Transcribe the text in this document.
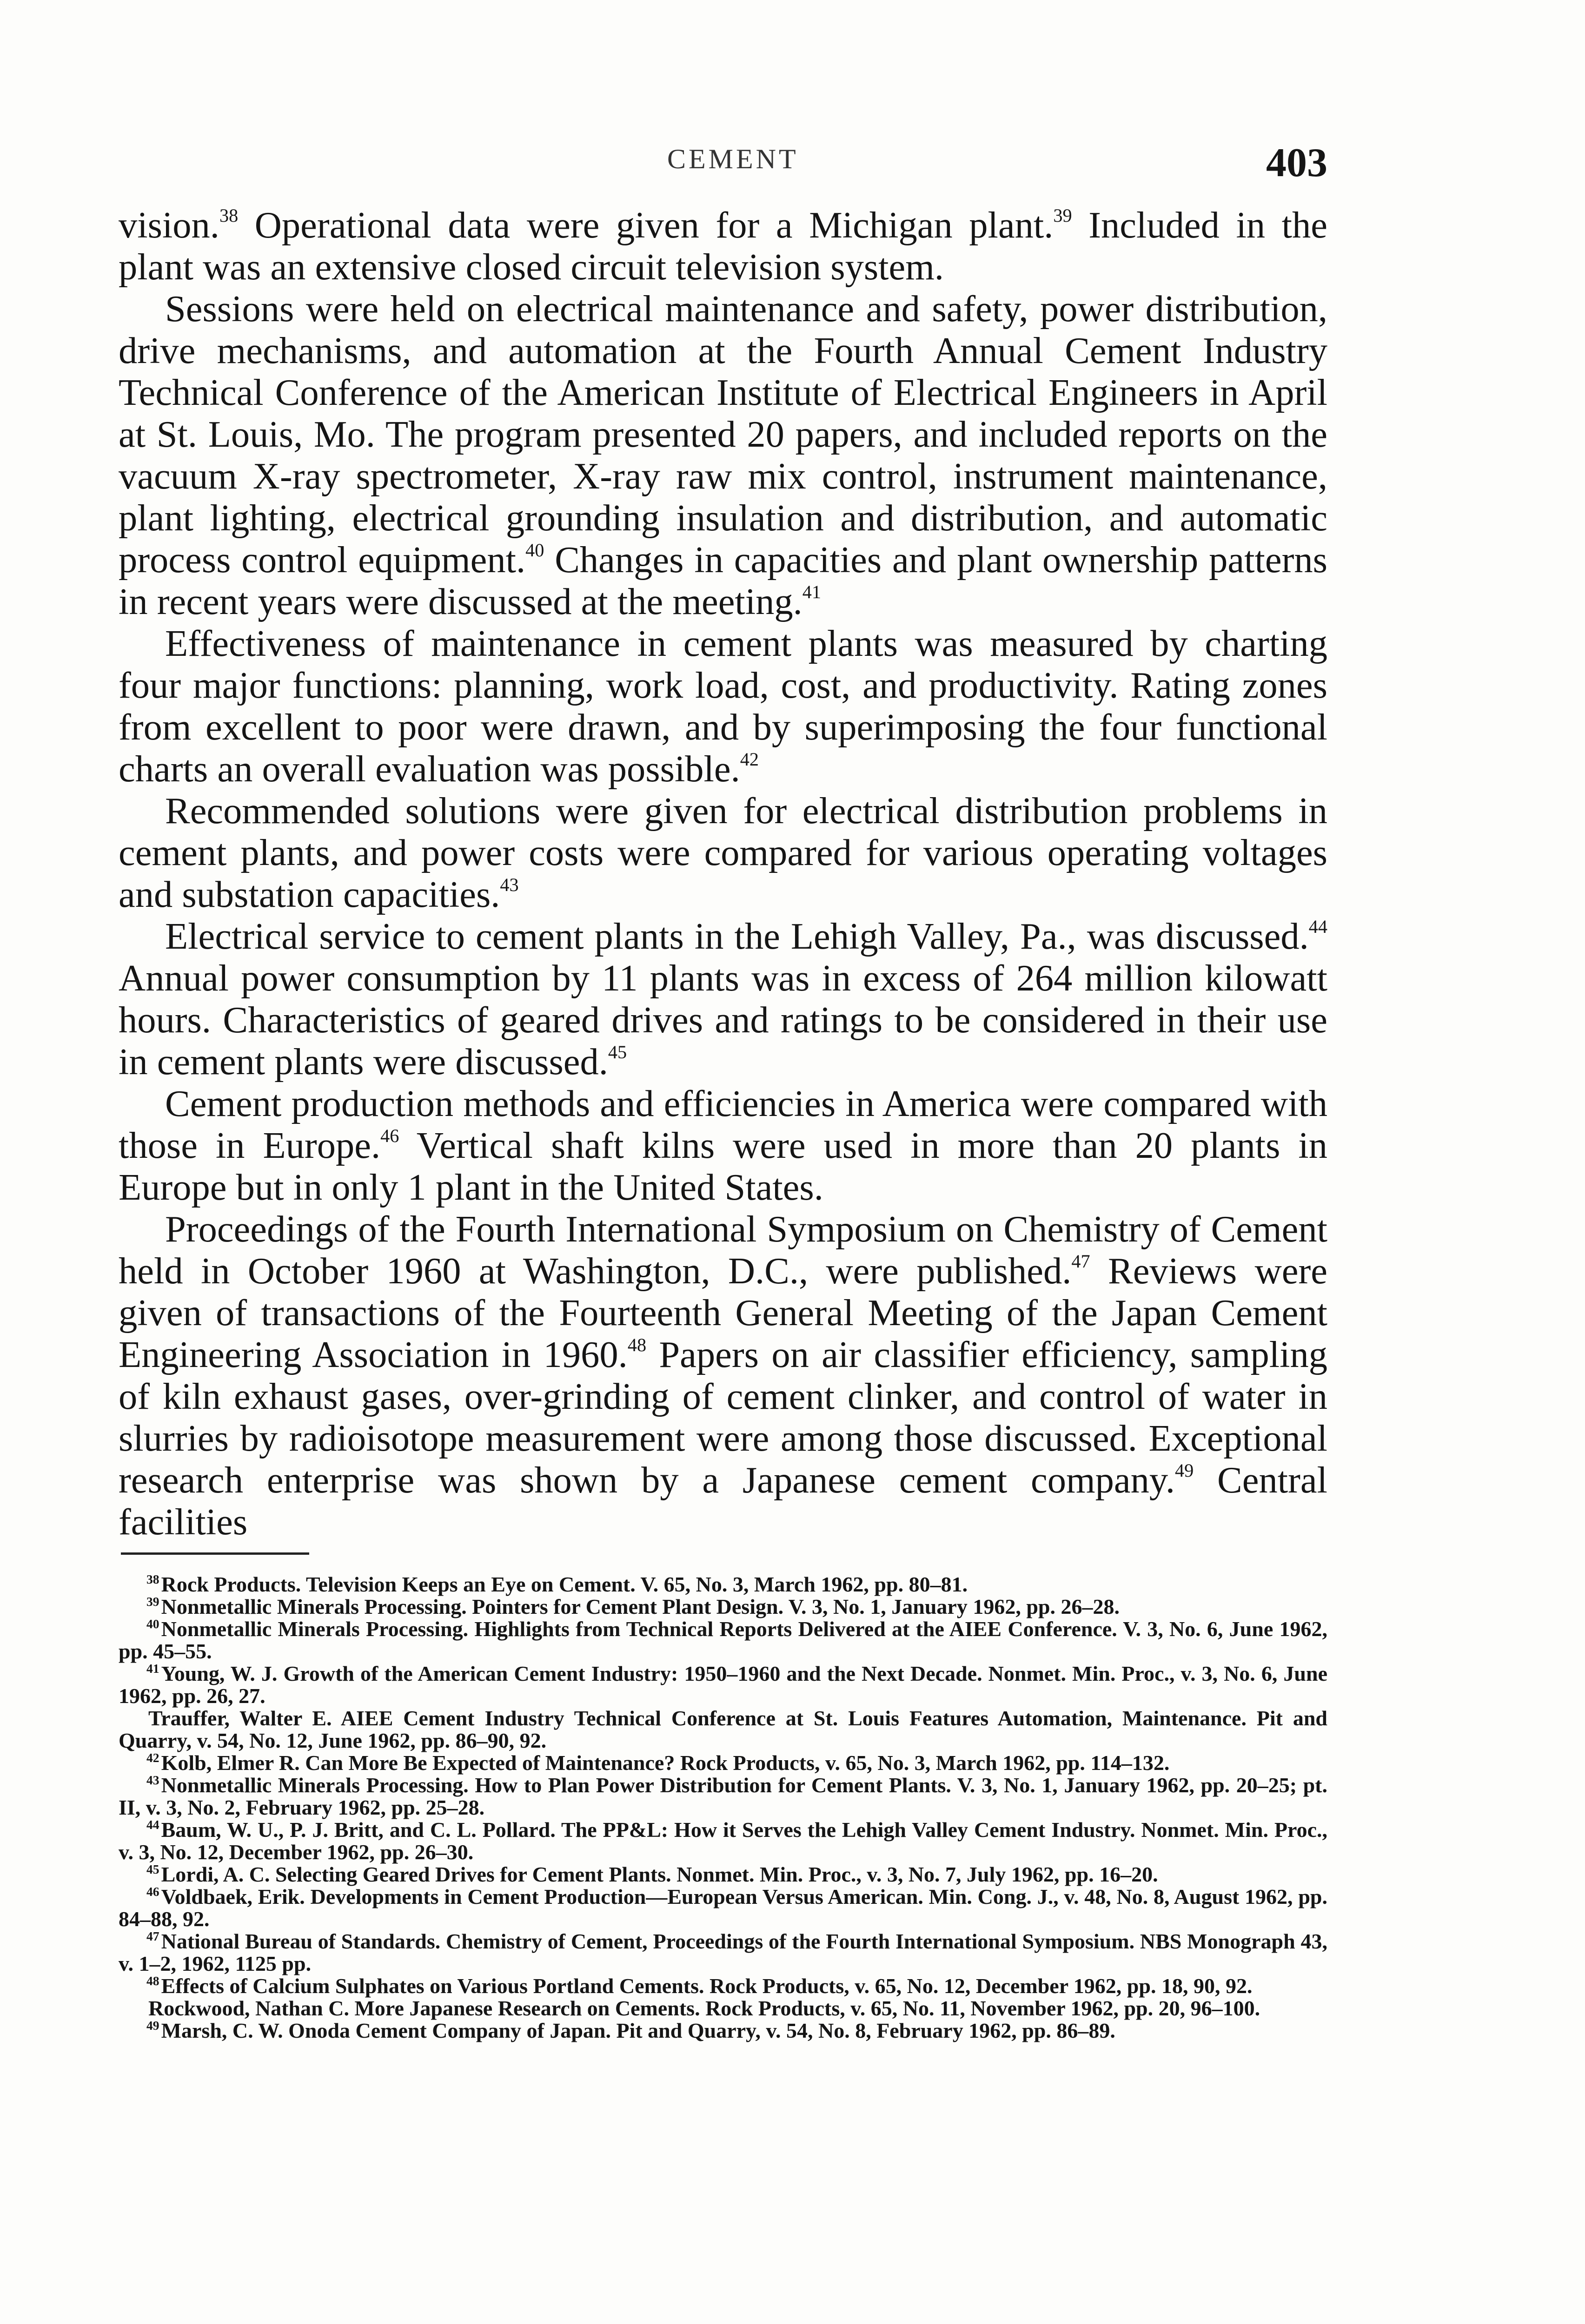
CEMENT	403

vision.$^{38}$ Operational data were given for a Michigan plant.$^{39}$ Included in the plant was an extensive closed circuit television system.

Sessions were held on electrical maintenance and safety, power distribution, drive mechanisms, and automation at the Fourth Annual Cement Industry Technical Conference of the American Institute of Electrical Engineers in April at St. Louis, Mo. The program presented 20 papers, and included reports on the vacuum X-ray spectrometer, X-ray raw mix control, instrument maintenance, plant lighting, electrical grounding insulation and distribution, and automatic process control equipment.$^{40}$ Changes in capacities and plant ownership patterns in recent years were discussed at the meeting.$^{41}$

Effectiveness of maintenance in cement plants was measured by charting four major functions: planning, work load, cost, and productivity. Rating zones from excellent to poor were drawn, and by superimposing the four functional charts an overall evaluation was possible.$^{42}$

Recommended solutions were given for electrical distribution problems in cement plants, and power costs were compared for various operating voltages and substation capacities.$^{43}$

Electrical service to cement plants in the Lehigh Valley, Pa., was discussed.$^{44}$ Annual power consumption by 11 plants was in excess of 264 million kilowatt hours. Characteristics of geared drives and ratings to be considered in their use in cement plants were discussed.$^{45}$

Cement production methods and efficiencies in America were compared with those in Europe.$^{46}$ Vertical shaft kilns were used in more than 20 plants in Europe but in only 1 plant in the United States.

Proceedings of the Fourth International Symposium on Chemistry of Cement held in October 1960 at Washington, D.C., were published.$^{47}$ Reviews were given of transactions of the Fourteenth General Meeting of the Japan Cement Engineering Association in 1960.48 Papers on air classifier efficiency, sampling of kiln exhaust gases, over-grinding of cement clinker, and control of water in slurries by radioisotope measurement were among those discussed. Exceptional research enterprise was shown by a Japanese cement company.$^{49}$ Central facilities

$^{38}$Rock Products. Television Keeps an Eye on Cement. V. 65, No. 3, March 1962, pp. 80–81.

$^{39}$Nonmetallic Minerals Processing. Pointers for Cement Plant Design. V. 3, No. 1, January 1962, pp. 26–28.

$^{40}$Nonmetallic Minerals Processing. Highlights from Technical Reports Delivered at the AIEE Conference. V. 3, No. 6, June 1962, pp. 45–55.

$^{41}$Young, W. J. Growth of the American Cement Industry: 1950–1960 and the Next Decade. Nonmet. Min. Proc., v. 3, No. 6, June 1962, pp. 26, 27.

Trauffer, Walter E. AIEE Cement Industry Technical Conference at St. Louis Features Automation, Maintenance. Pit and Quarry, v. 54, No. 12, June 1962, pp. 86–90, 92.

$^{42}$Kolb, Elmer R. Can More Be Expected of Maintenance? Rock Products, v. 65, No. 3, March 1962, pp. 114–132.

$^{43}$Nonmetallic Minerals Processing. How to Plan Power Distribution for Cement Plants. V. 3, No. 1, January 1962, pp. 20–25; pt. II, v. 3, No. 2, February 1962, pp. 25–28.

$^{44}$Baum, W. U., P. J. Britt, and C. L. Pollard. The PP&L: How it Serves the Lehigh Valley Cement Industry. Nonmet. Min. Proc., v. 3, No. 12, December 1962, pp. 26–30.

$^{45}$Lordi, A. C. Selecting Geared Drives for Cement Plants. Nonmet. Min. Proc., v. 3, No. 7, July 1962, pp. 16–20.

$^{46}$Voldbaek, Erik. Developments in Cement Production—European Versus American. Min. Cong. J., v. 48, No. 8, August 1962, pp. 84–88, 92.

$^{47}$National Bureau of Standards. Chemistry of Cement, Proceedings of the Fourth International Symposium. NBS Monograph 43, v. 1–2, 1962, 1125 pp.

$^{48}$Effects of Calcium Sulphates on Various Portland Cements. Rock Products, v. 65, No. 12, December 1962, pp. 18, 90, 92.

Rockwood, Nathan C. More Japanese Research on Cements. Rock Products, v. 65, No. 11, November 1962, pp. 20, 96–100.

$^{49}$Marsh, C. W. Onoda Cement Company of Japan. Pit and Quarry, v. 54, No. 8, February 1962, pp. 86–89.
